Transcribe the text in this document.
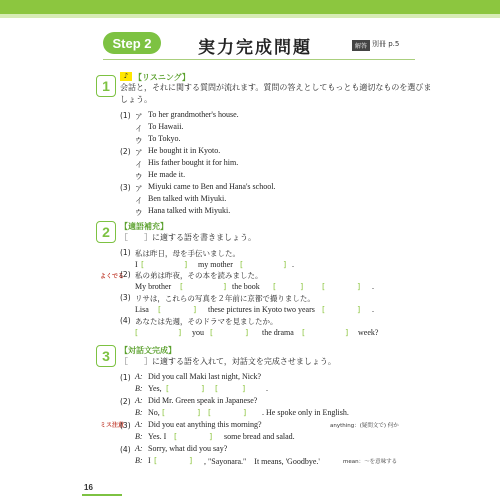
Step 2	実力完成問題	解答 別冊 p.5
1
♪ 【リスニング】
会話と，それに関する質問が流れます。質問の答えとしてもっとも適切なものを選びま
しょう。
(1) ア To her grandmother's house.
イ To Hawaii.
ウ To Tokyo.
(2) ア He bought it in Kyoto.
イ His father bought it for him.
ウ He made it.
(3) ア Miyuki came to Ben and Hana's school.
イ Ben talked with Miyuki.
ウ Hana talked with Miyuki.
2	【適語補充】
［　　］に適する語を書きましょう。
(1) 私は昨日，母を手伝いました。
I [　　　　　] my mother [　　　　　] .
よくでる
(2) 私の弟は昨夜，その本を読みました。
My brother [　　　　　] the book [　　　] [　　　　] .
(3) リサは，これらの写真を２年前に京都で撮りました。
Lisa [　　　　] these pictures in Kyoto two years [　　　　] .
(4) あなたは先週，そのドラマを見ましたか。
[　　　　　] you [　　　　] the drama [　　　　　] week?
3	【対話文完成】
［　　］に適する語を入れて，対話文を完成させましょう。
(1) A: Did you call Maki last night, Nick?
B: Yes, [　　　　] [　　　]	.
(2) A: Did Mr. Green speak in Japanese?
B: No, [　　　　] [　　　　] . He spoke only in English.
ミス注意
(3) A: Did you eat anything this morning?	anything：(疑問文で) 何か
B: Yes. I [　　　　] some bread and salad.
(4) A: Sorry, what did you say?
B: I [　　　　] , "Sayonara."　It means, 'Goodbye.'	mean：～を意味する
16
